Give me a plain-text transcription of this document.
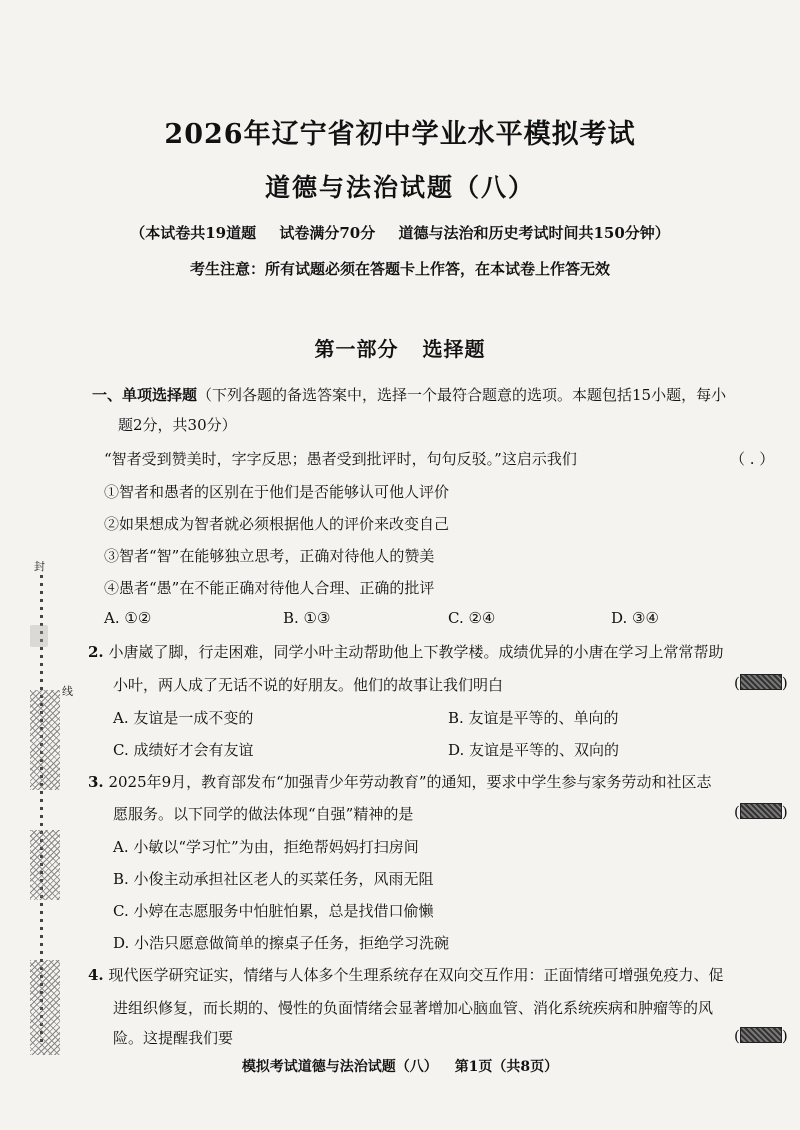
2026年辽宁省初中学业水平模拟考试
道德与法治试题（八）
（本试卷共19道题 试卷满分70分 道德与法治和历史考试时间共150分钟）
考生注意：所有试题必须在答题卡上作答，在本试卷上作答无效
第一部分 选择题
一、单项选择题（下列各题的备选答案中，选择一个最符合题意的选项。本题包括15小题，每小
题2分，共30分）
“智者受到赞美时，字字反思；愚者受到批评时，句句反驳。”这启示我们	（ . ）
①智者和愚者的区别在于他们是否能够认可他人评价
②如果想成为智者就必须根据他人的评价来改变自己
③智者“智”在能够独立思考，正确对待他人的赞美
④愚者“愚”在不能正确对待他人合理、正确的批评
A. ①②	B. ①③	C. ②④	D. ③④
2. 小唐崴了脚，行走困难，同学小叶主动帮助他上下教学楼。成绩优异的小唐在学习上常常帮助
小叶，两人成了无话不说的好朋友。他们的故事让我们明白	(	)
A. 友谊是一成不变的	B. 友谊是平等的、单向的
C. 成绩好才会有友谊	D. 友谊是平等的、双向的
3. 2025年9月，教育部发布“加强青少年劳动教育”的通知，要求中学生参与家务劳动和社区志
愿服务。以下同学的做法体现“自强”精神的是	(	)
A. 小敏以“学习忙”为由，拒绝帮妈妈打扫房间
B. 小俊主动承担社区老人的买菜任务，风雨无阻
C. 小婷在志愿服务中怕脏怕累，总是找借口偷懒
D. 小浩只愿意做简单的擦桌子任务，拒绝学习洗碗
4. 现代医学研究证实，情绪与人体多个生理系统存在双向交互作用：正面情绪可增强免疫力、促
进组织修复，而长期的、慢性的负面情绪会显著增加心脑血管、消化系统疾病和肿瘤等的风
险。这提醒我们要	(	)
封
线
模拟考试道德与法治试题（八） 第1页（共8页）
